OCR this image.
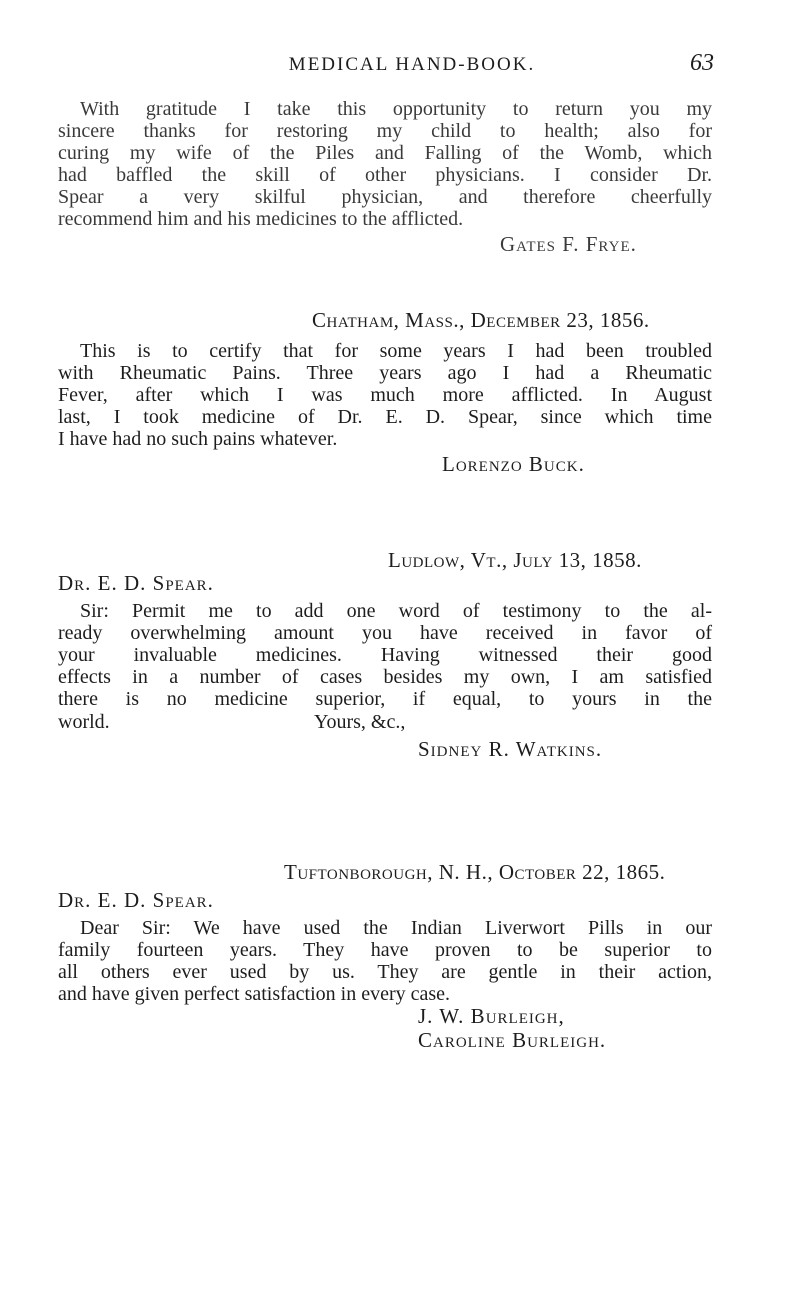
MEDICAL HAND-BOOK.	63
With gratitude I take this opportunity to return you my
sincere thanks for restoring my child to health; also for
curing my wife of the Piles and Falling of the Womb, which
had baffled the skill of other physicians. I consider Dr.
Spear a very skilful physician, and therefore cheerfully
recommend him and his medicines to the afflicted.
Gates F. Frye.
Chatham, Mass., December 23, 1856.
This is to certify that for some years I had been troubled
with Rheumatic Pains. Three years ago I had a Rheumatic
Fever, after which I was much more afflicted. In August
last, I took medicine of Dr. E. D. Spear, since which time
I have had no such pains whatever.
Lorenzo Buck.
Ludlow, Vt., July 13, 1858.
Dr. E. D. Spear.
Sir: Permit me to add one word of testimony to the al-
ready overwhelming amount you have received in favor of
your invaluable medicines. Having witnessed their good
effects in a number of cases besides my own, I am satisfied
there is no medicine superior, if equal, to yours in the
world.	Yours, &c.,
Sidney R. Watkins.
Tuftonborough, N. H., October 22, 1865.
Dr. E. D. Spear.
Dear Sir: We have used the Indian Liverwort Pills in our
family fourteen years. They have proven to be superior to
all others ever used by us. They are gentle in their action,
and have given perfect satisfaction in every case.
J. W. Burleigh,
Caroline Burleigh.
